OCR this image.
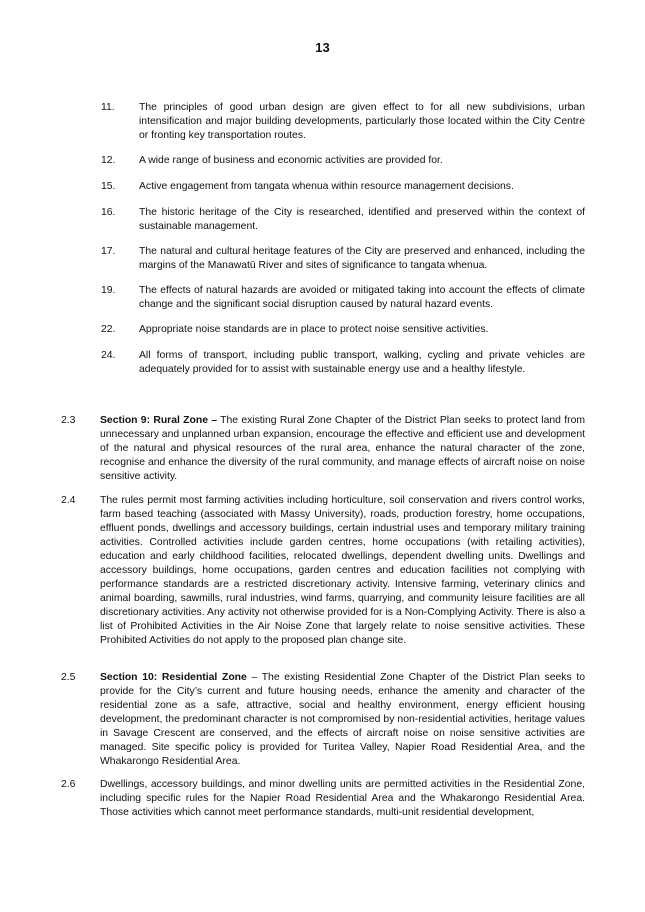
13
11. The principles of good urban design are given effect to for all new subdivisions, urban intensification and major building developments, particularly those located within the City Centre or fronting key transportation routes.
12. A wide range of business and economic activities are provided for.
15. Active engagement from tangata whenua within resource management decisions.
16. The historic heritage of the City is researched, identified and preserved within the context of sustainable management.
17. The natural and cultural heritage features of the City are preserved and enhanced, including the margins of the Manawatū River and sites of significance to tangata whenua.
19. The effects of natural hazards are avoided or mitigated taking into account the effects of climate change and the significant social disruption caused by natural hazard events.
22. Appropriate noise standards are in place to protect noise sensitive activities.
24. All forms of transport, including public transport, walking, cycling and private vehicles are adequately provided for to assist with sustainable energy use and a healthy lifestyle.
2.3 Section 9: Rural Zone – The existing Rural Zone Chapter of the District Plan seeks to protect land from unnecessary and unplanned urban expansion, encourage the effective and efficient use and development of the natural and physical resources of the rural area, enhance the natural character of the zone, recognise and enhance the diversity of the rural community, and manage effects of aircraft noise on noise sensitive activity.
2.4 The rules permit most farming activities including horticulture, soil conservation and rivers control works, farm based teaching (associated with Massy University), roads, production forestry, home occupations, effluent ponds, dwellings and accessory buildings, certain industrial uses and temporary military training activities. Controlled activities include garden centres, home occupations (with retailing activities), education and early childhood facilities, relocated dwellings, dependent dwelling units. Dwellings and accessory buildings, home occupations, garden centres and education facilities not complying with performance standards are a restricted discretionary activity. Intensive farming, veterinary clinics and animal boarding, sawmills, rural industries, wind farms, quarrying, and community leisure facilities are all discretionary activities. Any activity not otherwise provided for is a Non-Complying Activity. There is also a list of Prohibited Activities in the Air Noise Zone that largely relate to noise sensitive activities. These Prohibited Activities do not apply to the proposed plan change site.
2.5 Section 10: Residential Zone – The existing Residential Zone Chapter of the District Plan seeks to provide for the City’s current and future housing needs, enhance the amenity and character of the residential zone as a safe, attractive, social and healthy environment, energy efficient housing development, the predominant character is not compromised by non-residential activities, heritage values in Savage Crescent are conserved, and the effects of aircraft noise on noise sensitive activities are managed. Site specific policy is provided for Turitea Valley, Napier Road Residential Area, and the Whakarongo Residential Area.
2.6 Dwellings, accessory buildings, and minor dwelling units are permitted activities in the Residential Zone, including specific rules for the Napier Road Residential Area and the Whakarongo Residential Area. Those activities which cannot meet performance standards, multi-unit residential development,
